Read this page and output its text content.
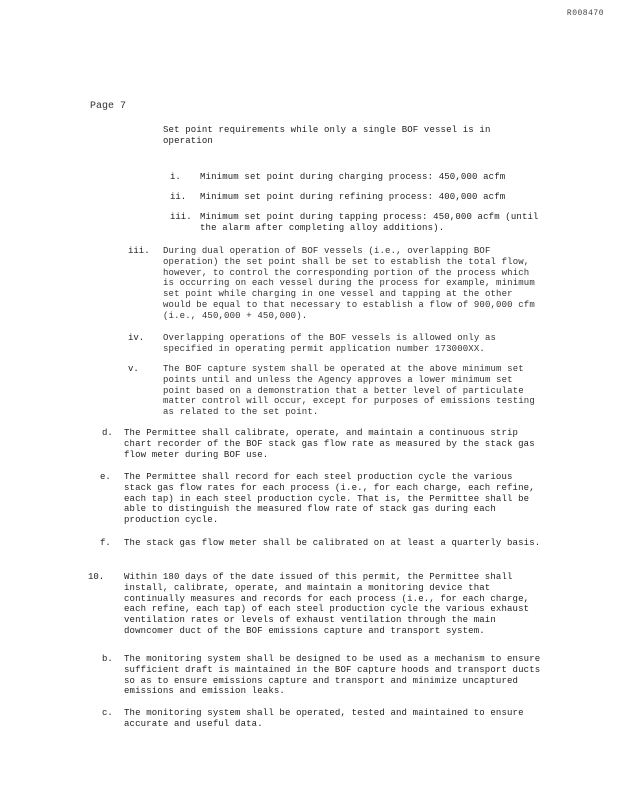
R008470
Page 7
Set point requirements while only a single BOF vessel is in operation
i. Minimum set point during charging process: 450,000 acfm
ii. Minimum set point during refining process: 400,000 acfm
iii. Minimum set point during tapping process: 450,000 acfm (until the alarm after completing alloy additions).
iii. During dual operation of BOF vessels (i.e., overlapping BOF operation) the set point shall be set to establish the total flow, however, to control the corresponding portion of the process which is occurring on each vessel during the process for example, minimum set point while charging in one vessel and tapping at the other would be equal to that necessary to establish a flow of 900,000 cfm (i.e., 450,000 + 450,000).
iv. Overlapping operations of the BOF vessels is allowed only as specified in operating permit application number 173000XX.
v.	The BOF capture system shall be operated at the above minimum set points until and unless the Agency approves a lower minimum set point based on a demonstration that a better level of particulate matter control will occur, except for purposes of emissions testing as related to the set point.
d. The Permittee shall calibrate, operate, and maintain a continuous strip chart recorder of the BOF stack gas flow rate as measured by the stack gas flow meter during BOF use.
e. The Permittee shall record for each steel production cycle the various stack gas flow rates for each process (i.e., for each charge, each refine, each tap) in each steel production cycle. That is, the Permittee shall be able to distinguish the measured flow rate of stack gas during each production cycle.
f. The stack gas flow meter shall be calibrated on at least a quarterly basis.
10. Within 180 days of the date issued of this permit, the Permittee shall install, calibrate, operate, and maintain a monitoring device that continually measures and records for each process (i.e., for each charge, each refine, each tap) of each steel production cycle the various exhaust ventilation rates or levels of exhaust ventilation through the main downcomer duct of the BOF emissions capture and transport system.
b. The monitoring system shall be designed to be used as a mechanism to ensure sufficient draft is maintained in the BOF capture hoods and transport ducts so as to ensure emissions capture and transport and minimize uncaptured emissions and emission leaks.
c. The monitoring system shall be operated, tested and maintained to ensure accurate and useful data.
